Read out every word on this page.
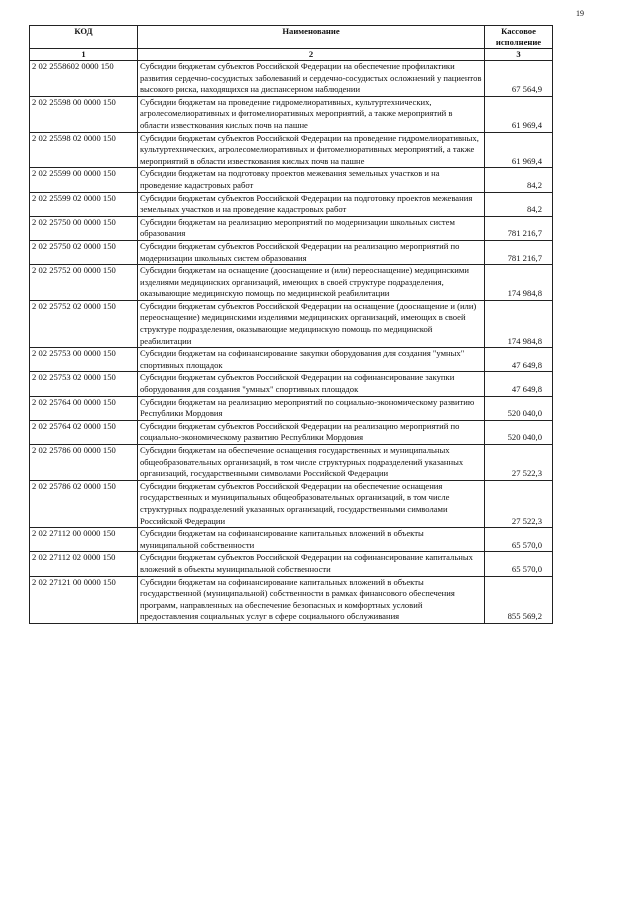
19
КОД	Наименование	Кассовое исполнение
1	2	3
2 02 2558602 0000 150	Субсидии бюджетам субъектов Российской Федерации на обеспечение профилактики развития сердечно-сосудистых заболеваний и сердечно-сосудистых осложнений у пациентов высокого риска, находящихся на диспансерном наблюдении	67 564,9
2 02 25598 00 0000 150	Субсидии бюджетам на проведение гидромелиоративных, культуртехнических, агролесомелиоративных и фитомелиоративных мероприятий, а также мероприятий в области известкования кислых почв на пашне	61 969,4
2 02 25598 02 0000 150	Субсидии бюджетам субъектов Российской Федерации на проведение гидромелиоративных, культуртехнических, агролесомелиоративных и фитомелиоративных мероприятий, а также мероприятий в области известкования кислых почв на пашне	61 969,4
2 02 25599 00 0000 150	Субсидии бюджетам на подготовку проектов межевания земельных участков и на проведение кадастровых работ	84,2
2 02 25599 02 0000 150	Субсидии бюджетам субъектов Российской Федерации на подготовку проектов межевания земельных участков и на проведение кадастровых работ	84,2
2 02 25750 00 0000 150	Субсидии бюджетам на реализацию мероприятий по модернизации школьных систем образования	781 216,7
2 02 25750 02 0000 150	Субсидии бюджетам субъектов Российской Федерации на реализацию мероприятий по модернизации школьных систем образования	781 216,7
2 02 25752 00 0000 150	Субсидии бюджетам на оснащение (дооснащение и (или) переоснащение) медицинскими изделиями медицинских организаций, имеющих в своей структуре подразделения, оказывающие медицинскую помощь по медицинской реабилитации	174 984,8
2 02 25752 02 0000 150	Субсидии бюджетам субъектов Российской Федерации на оснащение (дооснащение и (или) переоснащение) медицинскими изделиями медицинских организаций, имеющих в своей структуре подразделения, оказывающие медицинскую помощь по медицинской реабилитации	174 984,8
2 02 25753 00 0000 150	Субсидии бюджетам на софинансирование закупки оборудования для создания "умных" спортивных площадок	47 649,8
2 02 25753 02 0000 150	Субсидии бюджетам субъектов Российской Федерации на софинансирование закупки оборудования для создания "умных" спортивных площадок	47 649,8
2 02 25764 00 0000 150	Субсидии бюджетам на реализацию мероприятий по социально-экономическому развитию Республики Мордовия	520 040,0
2 02 25764 02 0000 150	Субсидии бюджетам субъектов Российской Федерации на реализацию мероприятий по социально-экономическому развитию Республики Мордовия	520 040,0
2 02 25786 00 0000 150	Субсидии бюджетам на обеспечение оснащения государственных и муниципальных общеобразовательных организаций, в том числе структурных подразделений указанных организаций, государственными символами Российской Федерации	27 522,3
2 02 25786 02 0000 150	Субсидии бюджетам субъектов Российской Федерации на обеспечение оснащения государственных и муниципальных общеобразовательных организаций, в том числе структурных подразделений указанных организаций, государственными символами Российской Федерации	27 522,3
2 02 27112 00 0000 150	Субсидии бюджетам на софинансирование капитальных вложений в объекты муниципальной собственности	65 570,0
2 02 27112 02 0000 150	Субсидии бюджетам субъектов Российской Федерации на софинансирование капитальных вложений в объекты муниципальной собственности	65 570,0
2 02 27121 00 0000 150	Субсидии бюджетам на софинансирование капитальных вложений в объекты государственной (муниципальной) собственности в рамках финансового обеспечения программ, направленных на обеспечение безопасных и комфортных условий предоставления социальных услуг в сфере социального обслуживания	855 569,2
